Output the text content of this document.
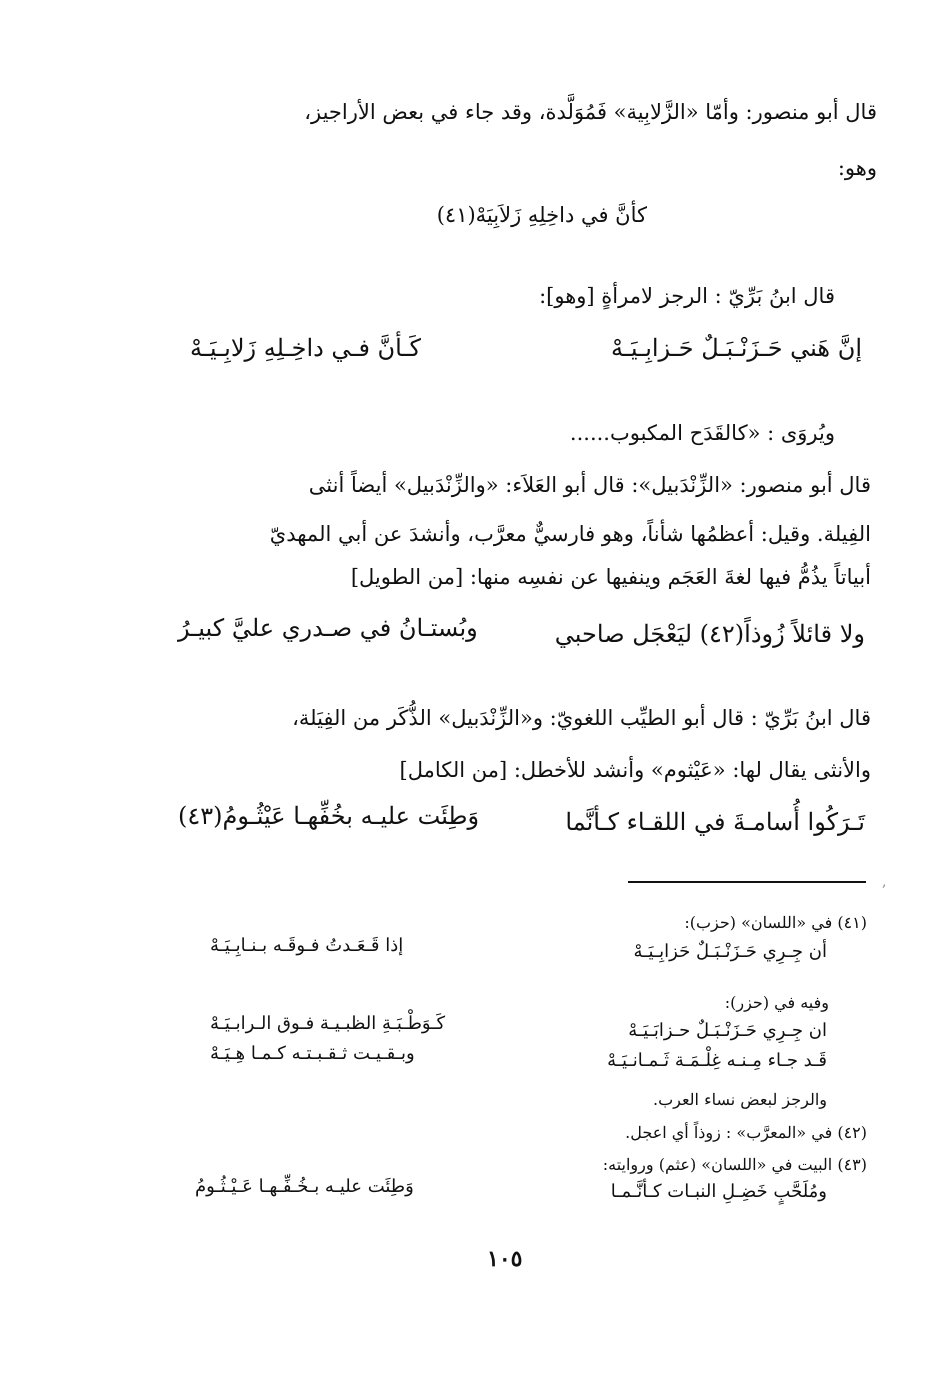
قال أبو منصور: وأمّا «الزَّلابِية» فَمُوَلَّدة، وقد جاء في بعض الأراجيز،
وهو:
كأنَّ في داخِلِهِ زَلاَبِيَهْ(٤١)
قال ابنُ بَرِّيّ : الرجز لامرأةٍ [وهو]:
إنَّ هَني حَـزَنْـبَـلٌ حَـزابِـيَـهْ
كَـأنَّ فـي داخِـلِهِ زَلابِـيَـهْ
ويُروَى : «كالقَدَح المكبوب......
قال أبو منصور: «الزِّنْدَبيل»: قال أبو العَلاَء: «والزِّنْدَبيل» أيضاً أنثى
الفِيلة. وقيل: أعظمُها شأناً، وهو فارسيٌّ معرَّب، وأنشدَ عن أبي المهديّ
أبياتاً يذُمُّ فيها لغةَ العَجَم وينفيها عن نفسِه منها: [من الطويل]
ولا قائلاً زُوذاً(٤٢) ليَعْجَل صاحبي
وبُستـانُ في صـدري عليَّ كبيـرُ
قال ابنُ بَرِّيّ : قال أبو الطيِّب اللغويّ: و«الزِّنْدَبيل» الذُّكَر من الفِيَلة،
والأنثى يقال لها: «عَيْثوم» وأنشد للأخطل: [من الكامل]
تَـرَكُوا أُسامـةَ في اللقـاء كـأنَّما
وَطِئَت عليـه بخُفِّهـا عَيْثُـومُ(٤٣)
,
(٤١) في «اللسان» (حزب):
أن جِـرِي حَـزَنْـبَـلٌ حَزابِـيَـهْ
إذا قَـعَـدتُ فـوقَـه بـنـابِـيَـهْ
وفيه في (حزر):
ان جِـرِي حَـزَنْـبَـلٌ حـزابَـيَـهْ
كَـوَطْـبَـةِ الظبـيـة فـوق الـرابـيَـهْ
قَـد جـاء مِـنـه غِلْـمَـة ثَـمـانـيَـهْ
وبـقـيـت ثـقـبـتـه كـمـا هِـيَـهْ
والرجز لبعض نساء العرب.
(٤٢) في «المعرَّب» : زوذاً أي اعجل.
(٤٣) البيت في «اللسان» (عثم) وروايته:
ومُلَحَّبٍ خَضِـلِ النبـات كـأنَّـمـا
وَطِئَت عليـه بـخُـفِّـهـا عَـيْـثُـومُ
١٠٥
